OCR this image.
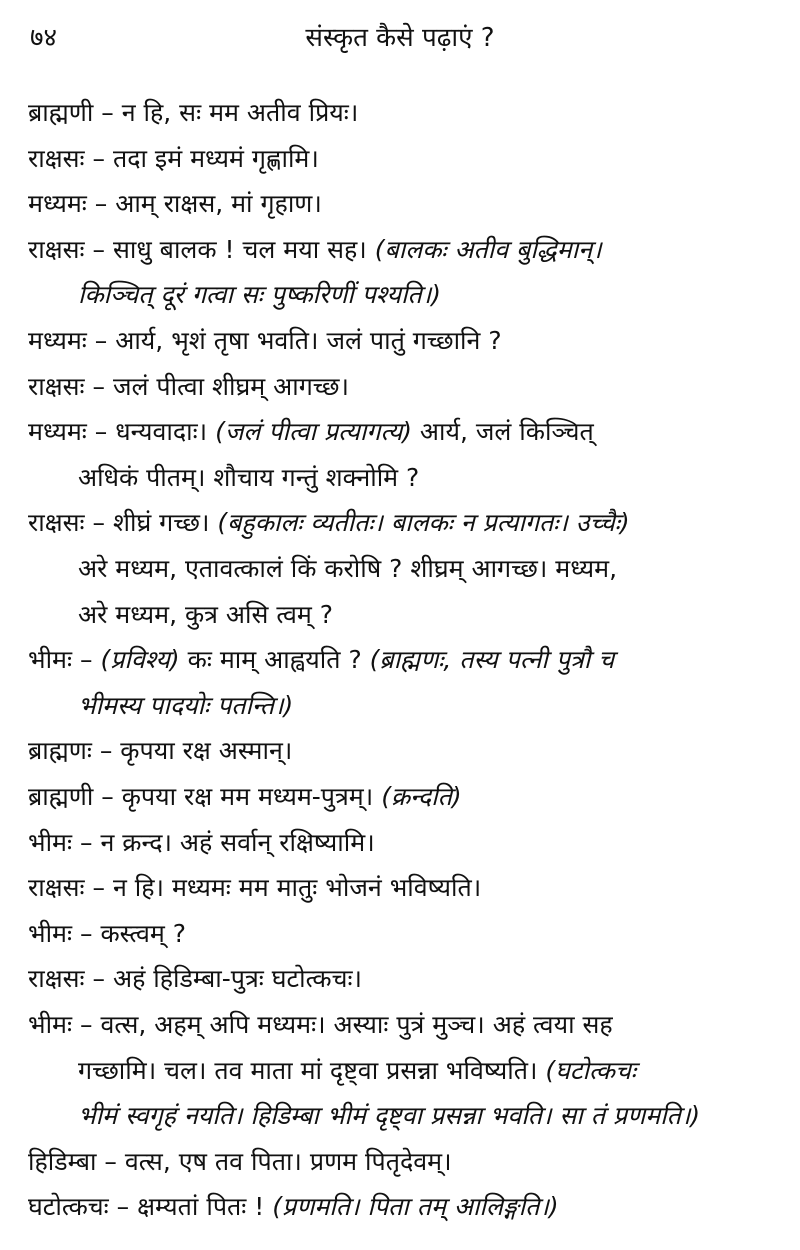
७४	संस्कृत कैसे पढ़ाएं ?
ब्राह्मणी – न हि, सः मम अतीव प्रियः।
राक्षसः – तदा इमं मध्यमं गृह्णामि।
मध्यमः – आम् राक्षस, मां गृहाण।
राक्षसः – साधु बालक ! चल मया सह। (बालकः अतीव बुद्धिमान्।
किञ्चित् दूरं गत्वा सः पुष्करिणीं पश्यति।)
मध्यमः – आर्य, भृशं तृषा भवति। जलं पातुं गच्छानि ?
राक्षसः – जलं पीत्वा शीघ्रम् आगच्छ।
मध्यमः – धन्यवादाः। (जलं पीत्वा प्रत्यागत्य) आर्य, जलं किञ्चित्
अधिकं पीतम्। शौचाय गन्तुं शक्नोमि ?
राक्षसः – शीघ्रं गच्छ। (बहुकालः व्यतीतः। बालकः न प्रत्यागतः। उच्चैः)
अरे मध्यम, एतावत्कालं किं करोषि ? शीघ्रम् आगच्छ। मध्यम,
अरे मध्यम, कुत्र असि त्वम् ?
भीमः – (प्रविश्य) कः माम् आह्वयति ? (ब्राह्मणः, तस्य पत्नी पुत्रौ च
भीमस्य पादयोः पतन्ति।)
ब्राह्मणः – कृपया रक्ष अस्मान्।
ब्राह्मणी – कृपया रक्ष मम मध्यम-पुत्रम्। (क्रन्दति)
भीमः – न क्रन्द। अहं सर्वान् रक्षिष्यामि।
राक्षसः – न हि। मध्यमः मम मातुः भोजनं भविष्यति।
भीमः – कस्त्वम् ?
राक्षसः – अहं हिडिम्बा-पुत्रः घटोत्कचः।
भीमः – वत्स, अहम् अपि मध्यमः। अस्याः पुत्रं मुञ्च। अहं त्वया सह
गच्छामि। चल। तव माता मां दृष्ट्वा प्रसन्ना भविष्यति। (घटोत्कचः
भीमं स्वगृहं नयति। हिडिम्बा भीमं दृष्ट्वा प्रसन्ना भवति। सा तं प्रणमति।)
हिडिम्बा – वत्स, एष तव पिता। प्रणम पितृदेवम्।
घटोत्कचः – क्षम्यतां पितः ! (प्रणमति। पिता तम् आलिङ्गति।)
